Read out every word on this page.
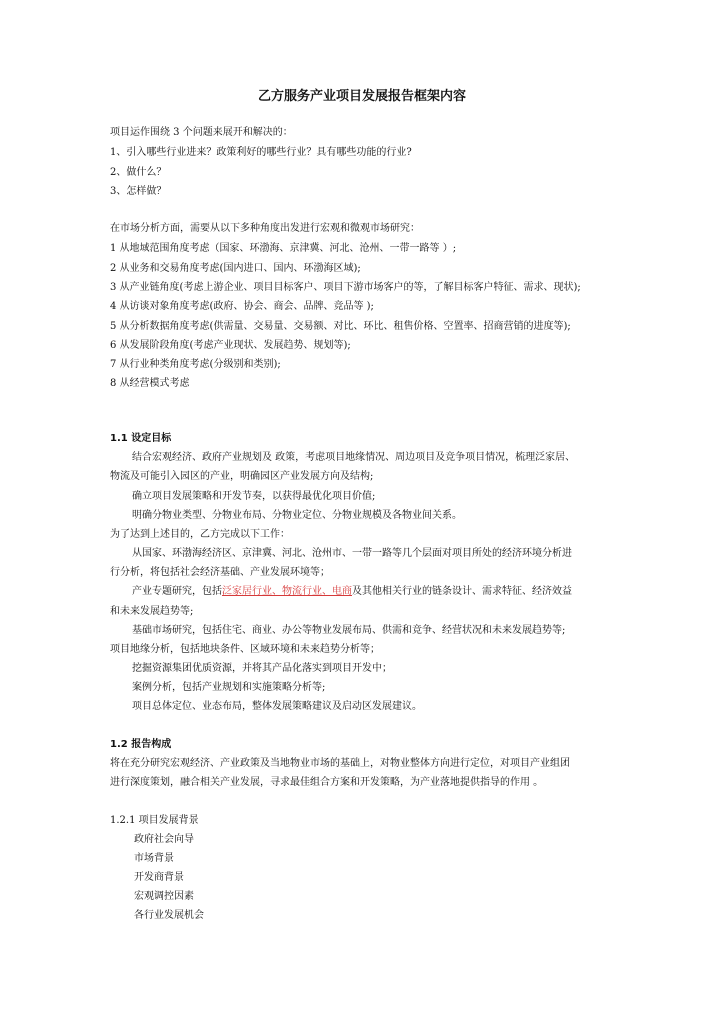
乙方服务产业项目发展报告框架内容
项目运作围绕 3 个问题来展开和解决的：
1、引入哪些行业进来？政策利好的哪些行业？具有哪些功能的行业?
2、做什么？
3、怎样做？
在市场分析方面，需要从以下多种角度出发进行宏观和微观市场研究：
1 从地域范围角度考虑（国家、环渤海、京津冀、河北、沧州、一带一路等 ）;
2 从业务和交易角度考虑(国内进口、国内、环渤海区域);
3 从产业链角度(考虑上游企业、项目目标客户、项目下游市场客户的等，了解目标客户特征、需求、现状);
4 从访谈对象角度考虑(政府、协会、商会、品牌、竞品等 );
5 从分析数据角度考虑(供需量、交易量、交易额、对比、环比、租售价格、空置率、招商营销的进度等);
6 从发展阶段角度(考虑产业现状、发展趋势、规划等);
7 从行业种类角度考虑(分级别和类别);
8 从经营模式考虑
1.1 设定目标
结合宏观经济、政府产业规划及 政策，考虑项目地缘情况、周边项目及竞争项目情况，梳理泛家居、
物流及可能引入园区的产业，明确园区产业发展方向及结构;
确立项目发展策略和开发节奏，以获得最优化项目价值;
明确分物业类型、分物业布局、分物业定位、分物业规模及各物业间关系。
为了达到上述目的，乙方完成以下工作：
从国家、环渤海经济区、京津冀、河北、沧州市、一带一路等几个层面对项目所处的经济环境分析进
行分析，将包括社会经济基础、产业发展环境等；
产业专题研究，包括泛家居行业、物流行业、电商及其他相关行业的链条设计、需求特征、经济效益
和未来发展趋势等;
基础市场研究，包括住宅、商业、办公等物业发展布局、供需和竞争、经营状况和未来发展趋势等;
项目地缘分析，包括地块条件、区域环境和未来趋势分析等；
挖掘资源集团优质资源，并将其产品化落实到项目开发中；
案例分析，包括产业规划和实施策略分析等;
项目总体定位、业态布局，整体发展策略建议及启动区发展建议。
1.2 报告构成
将在充分研究宏观经济、产业政策及当地物业市场的基础上，对物业整体方向进行定位，对项目产业组团
进行深度策划，融合相关产业发展，寻求最佳组合方案和开发策略，为产业落地提供指导的作用 。
1.2.1 项目发展背景
政府社会向导
市场背景
开发商背景
宏观调控因素
各行业发展机会
